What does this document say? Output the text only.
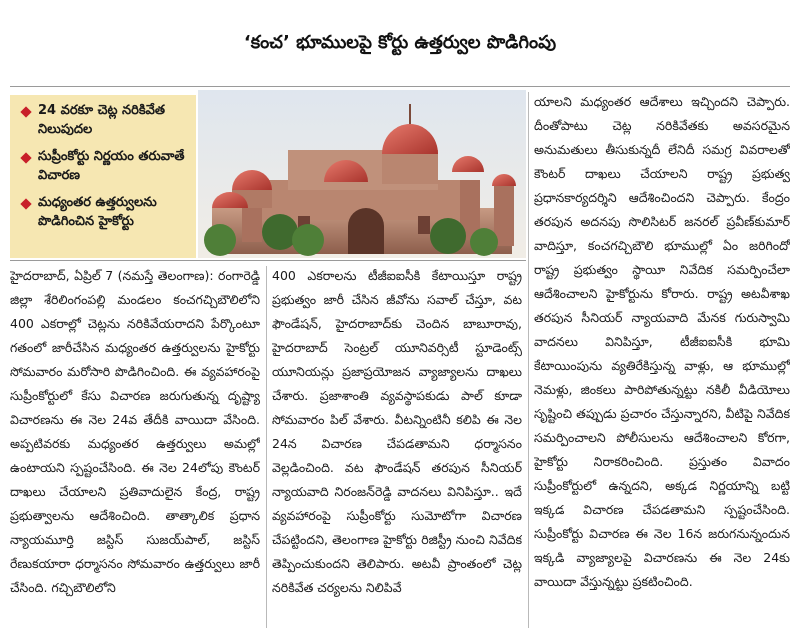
‘కంచ’ భూములపై కోర్టు ఉత్తర్వుల పొడిగింపు
24 వరకూ చెట్ల నరికివేత నిలుపుదల
సుప్రీంకోర్టు నిర్ణయం తరువాతే విచారణ
మధ్యంతర ఉత్తర్వులను పొడిగించిన హైకోర్టు
హైదరాబాద్‌, ఏప్రిల్‌ 7 (నమస్తే తెలంగాణ): రంగారెడ్డి జిల్లా శేరిలింగంపల్లి మండలం కంచగచ్చిబౌలిలోని 400 ఎకరాల్లో చెట్లను నరికివేయరాదని పేర్కొంటూ గతంలో జారీచేసిన మధ్యంతర ఉత్తర్వులను హైకోర్టు సోమవారం మరోసారి పొడిగించింది. ఈ వ్యవహారంపై సుప్రీంకోర్టులో కేసు విచారణ జరుగుతున్న దృష్ట్యా విచారణను ఈ నెల 24వ తేదీకి వాయిదా వేసింది. అప్పటివరకు మధ్యంతర ఉత్తర్వులు అమల్లో ఉంటాయని స్పష్టంచేసింది. ఈ నెల 24లోపు కౌంటర్‌ దాఖలు చేయాలని ప్రతివాదులైన కేంద్ర, రాష్ట్ర ప్రభుత్వాలను ఆదేశించింది. తాత్కాలిక ప్రధాన న్యాయమూర్తి జస్టిస్‌ సుజయ్‌పాల్‌, జస్టిస్‌ రేణుకయారా ధర్మాసనం సోమవారం ఉత్తర్వులు జారీ చేసింది. గచ్చిబౌలిలోని
400 ఎకరాలను టీజీఐఐసీకి కేటాయిస్తూ రాష్ట్ర ప్రభుత్వం జారీ చేసిన జీవోను సవాల్‌ చేస్తూ, వట ఫౌండేషన్‌, హైదరాబాద్‌కు చెందిన బాబూరావు, హైదరాబాద్‌ సెంట్రల్‌ యూనివర్సిటీ స్టూడెంట్స్‌ యూనియన్లు ప్రజాప్రయోజన వ్యాజ్యాలను దాఖలు చేశారు. ప్రజాశాంతి వ్యవస్థాపకుడు పాల్‌ కూడా సోమవారం పిల్‌ వేశారు. వీటన్నింటినీ కలిపి ఈ నెల 24న విచారణ చేపడతామని ధర్మాసనం వెల్లడించింది. వట ఫౌండేషన్‌ తరపున సీనియర్‌ న్యాయవాది నిరంజన్‌రెడ్డి వాదనలు వినిపిస్తూ.. ఇదే వ్యవహారంపై సుప్రీంకోర్టు సుమోటోగా విచారణ చేపట్టిందని, తెలంగాణ హైకోర్టు రిజిస్ట్రీ నుంచి నివేదిక తెప్పించుకుందని తెలిపారు. అటవీ ప్రాంతంలో చెట్ల నరికివేత చర్యలను నిలిపివే
యాలని మధ్యంతర ఆదేశాలు ఇచ్చిందని చెప్పారు. దీంతోపాటు చెట్ల నరికివేతకు అవసరమైన అనుమతులు తీసుకున్నదీ లేనిదీ సమగ్ర వివరాలతో కౌంటర్‌ దాఖలు చేయాలని రాష్ట్ర ప్రభుత్వ ప్రధానకార్యదర్శిని ఆదేశించిందని చెప్పారు. కేంద్రం తరపున అదనపు సొలిసిటర్‌ జనరల్‌ ప్రవీణ్‌కుమార్‌ వాదిస్తూ, కంచగచ్చిబౌలి భూముల్లో ఏం జరిగిందో రాష్ట్ర ప్రభుత్వం స్థాయీ నివేదిక సమర్పించేలా ఆదేశించాలని హైకోర్టును కోరారు. రాష్ట్ర అటవీశాఖ తరపున సీనియర్‌ న్యాయవాది మేనక గురుస్వామి వాదనలు వినిపిస్తూ, టీజీఐఐసీకి భూమి కేటాయింపును వ్యతిరేకిస్తున్న వాళ్లు, ఆ భూముల్లో నెమళ్లు, జింకలు పారిపోతున్నట్టు నకిలీ వీడియోలు సృష్టించి తప్పుడు ప్రచారం చేస్తున్నారని, వీటిపై నివేదిక సమర్పించాలని పోలీసులను ఆదేశించాలని కోరగా, హైకోర్టు నిరాకరించింది. ప్రస్తుతం వివాదం సుప్రీంకోర్టులో ఉన్నదని, అక్కడ నిర్ణయాన్ని బట్టి ఇక్కడ విచారణ చేపడతామని స్పష్టంచేసింది. సుప్రీంకోర్టు విచారణ ఈ నెల 16న జరుగనున్నందున ఇక్కడి వ్యాజ్యాలపై విచారణను ఈ నెల 24కు వాయిదా వేస్తున్నట్టు ప్రకటించింది.
